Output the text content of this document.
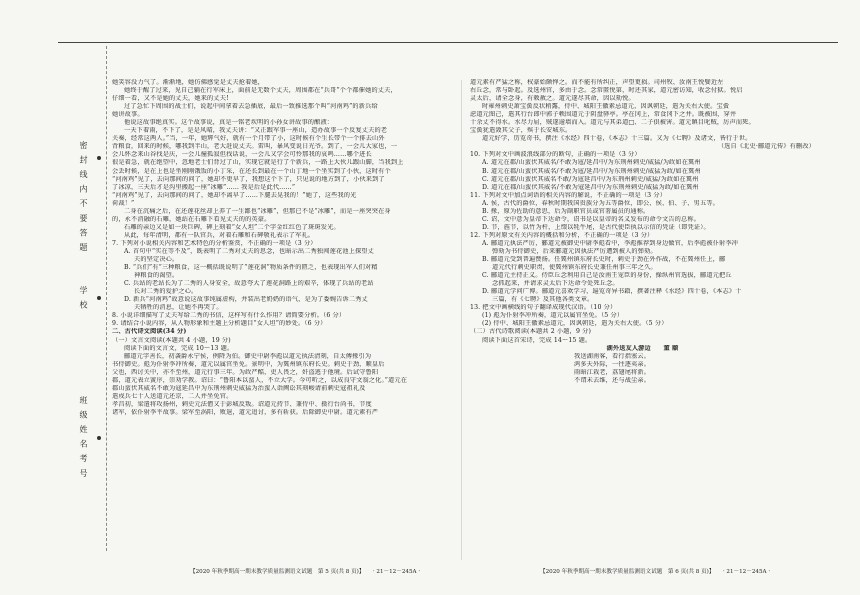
密 封 线 内 不 要 答 题
学 校
班 级 姓 名 考 号
她笑容没力气了。渐渐地，她仿佛感觉是丈夫抢着她，
她终于醒了过来，见自己躺在行军床上，面前是无数个丈夫，周围都在“兵哥”个个都催她的丈夫，
仔细一看，又不是她的丈夫，她来的丈夫!
过了急忙下周围的战士们，说起中间拿着去急插底，最后一致推选那个叫“河南鸡”的新兵给
她讲故事。
他说这故事绝真实。这个故事说，真是一铭老坎明的小孙女讲故事的酿液：
一天下着雨，不下了，是是风晴，我丈夫讲：“又正跟军事一座山，造办故事一个反复丈夫的老
关奏，经常这两人。”当，一年，她辉气好，就有一个月带了小，这时候有个生长带个一个排去山外
背粮食，回来的时候，哪我到半山，老大赶说丈夫。雷叫，暴风变说日光爷。到了，一会儿大家也，一
会儿怀念来山谷找是庆，一会儿撞孤寂但找话说，一会儿又学会可怜那我的哀鸣……哪个进长
很是着急，就在绝望中，忽地老士们背过了山，实现它就是行了个新兵，一路上大伙儿跟山脚，当我到上
会丢时候，是在上也是坐刚刚饿饭的小丁采，在还长到最在一个山丁地一个坐实到了小伙，这时有个
“河南鸡”见了，去向那间的问了，她却不更早了，我想这个下了，只见说的地方到了，小伙来到了
了冰凉，三天后才是沟里搬起一座“冰雕”…… 我是后是此代……”
“河南鸡”见了，去向那间的问了，她却不离早了……下腿去晃我的！”她了，这些我的光
荷裁！”
二身在沉痛之后，在还莲花丝却上养了一生鄙也“冰雕”，但那已不是“冰雕”，而是一座突突在身
的，永不消融的石雕，她站在石雕下看见丈夫的的英豪。
石雕的亲边又是如一块巨碑，碑上刻着“女人坦”二个字金红红色了斑斑发光。
从此，每年清明，都有一队官兵，对着石雕和石碑敬礼表示了军礼。
7. 下列对小说相关内容和艺术特色的分析鉴赏，不正确的一项是（3 分）
A. 首句中“实在等不及”，既表明了二秀对丈夫的思念，也暗示出二秀独闯莲花池上探望丈
夫的坚定决心。
B. “兵们”有“三种粮食，这一概括既说明了“莲花洞”物质条件的匮乏，也表现出军人们对精
神粮食的渴望。
C. 兵站的老站长为了二秀的人身安全，故意夸大了莲花洞路上的艰辛，体现了兵站的老站
长对二秀的爱护之心。
D. 新兵“河南鸡”故意说这故事纯属虚构，并装出老奶奶的语气，是为了委婉告诉二秀丈
夫牺牲的消息，让她不再哭了。
8. 小说详细描写了丈夫写给二秀的书信，这样写有什么作用？请简要分析。（6 分）
9. 请结合小说内容，从人物形象和主题上分析题目“女人坦”的妙处。（6 分）
二、古代诗文阅读(34 分)
（一）文言文阅读(本题共 4 小题，19 分)
阅读下面的文言文，完成 10～13 题。
郦道元字善长，初袭爵永宁侯，例降为伯。御史中尉李彪以道元执法清刻，自太傅掾引为
书侍御史。彪为仆射李冲所奏，道元以属官坐免。景明中，为冀州镇东府长史。刺史于劲，顺皇后
父也，西讨关中，亦不至州，道元行事三年。为政严酷，吏人畏之，奸盗逃于他境。后试守鲁阳
郡，道元表立黉序，崇劝学教。诏曰：“鲁阳本以蛮人，不立大学。今可听之，以成良守文翁之化。”道元在
郡山蛮伏其威名不敢为寇延昌中为东荆州刺史威猛为治蛮人诣阙讼其刻峻请前刺史寇祖礼及
遣戍兵七十人送道元还京，二人并坐免官。
孝昌初，梁遣将攻扬州，刺史元法僧又于彭城反叛。诏道元持节、兼侍中、摄行台尚书，节度
诸军，依仆射李平故事。梁军至涡阳，败退，道元追讨，多有斩获。后除御史中尉。道元素有严
道元素有严猛之称，权豪始颇惮之。而不能有所纠正，声望更损。司州牧、汝南王悦嬖近左
右丘念，常与卧起。及选州官，多由于念。念常匿悦第，时还其家，道元密访知，收念付狱。悦启
灵太后，请全念身，有敕赦之。道元遂尽其命，因以劾悦。
时雍州刺史萧宝夤反状稍露，侍中、城阳王徽素忌道元，因讽朝廷，遣为关右大使。宝夤
虑道元图己，遣其行台郎中郭子帙围道元于阴盘驿亭。亭在冈上，常食冈下之井。既被围，穿井
十余丈不得水。水尽力屈，贼遂逾墙而入。道元与其弟道□、二子俱被害。道元瞋目叱贼，厉声而死。
宝夤犹遣敛其父子，殡于长安城东。
道元好学，历览奇书，撰注《水经》四十卷，《本志》十三篇。又为《七聘》及诸文，皆行于世。
（选自《北史·郦道元传》有删改）
10. 下列对文中画波浪线部分的断句，正确的一项是（3 分）
A. 道元在郡/山蛮伏其威名/不敢为寇/延昌中/为东荆州刺史/威猛/为政如在冀州
B. 道元在郡/山蛮伏其威名/不敢为寇/延昌中/为东荆州刺史/威猛为政/如在冀州
C. 道元在郡/山蛮伏其威名不敢/为寇延昌中/为东荆州刺史/威猛/为政如在冀州
D. 道元在郡/山蛮伏其威名/不敢为寇延昌中/为东荆州刺史/威猛为政/如在冀州
11. 下列对文中加点词语的相关内容的解说，不正确的一项是（3 分）
A. 侯，古代的爵位，春秋时期我国贵族分为五等爵位，即公、侯、伯、子、男五等。
B. 掾，原为佐助的意思，后为副职官员或官署属员的通称。
C. 诏，文中意为皇帝下达命令，诏书是以皇帝的名义发布的命令文告的总称。
D. 节，旌节，以竹为杆，上缀以牦牛尾，是古代使臣执以示信的凭证（即凭证）。
12. 下列对原文有关内容的概括和分析，不正确的一项是（3 分）
A. 郦道元执法严厉，郦道元被御史中尉李彪看中，李彪推荐到身边做官，后李彪被仆射李冲
弹劾为书侍御史，后来郦道元因执法严厉遭到被人的弹劾。
B. 郦道元受到普遍赞扬。任冀州镇东府长史时，刺史于劲在外作战，不在冀州任上，郦
道元代行刺史职责，使冀州镇东府长史兼任州事三年之久。
C. 郦道元主持正义。侍臣丘念利用自己是汝南王宠臣的身份，操纵州官选拔，郦道元把丘
念抓起来，并请求灵太后下达命令处死丘念。
D. 郦道元学问广博。郦道元喜欢学习，遍览奇异书籍，撰著注释《水经》四十卷，《本志》十
三篇，有《七聘》及其他各类文章。
13. 把文中画横线的句子翻译成现代汉语。（10 分）
(1) 彪为仆射李冲所奏，道元以属官坐免。（5 分）
(2) 侍中、城阳王徽素忌道元，因讽朝廷，遣为关右大使。（5 分）
（二）古代诗歌阅读(本题共 2 小题，9 分)
阅读下面这首宋诗，完成 14～15 题。
湖外送友人游边　　董 颐
我送湖南客，看行指塞云。
鸿多天外际，一往逐夷亲。
雨暗江栽老，荔翅尾将新。
不谓未去维，还与战尘亲。
【2020 年秋季期高一期末教学质量监测语文试题　第 5 页(共 8 页)】　　· 21－12－245A ·	【2020 年秋季期高一期末教学质量监测语文试题　第 6 页(共 8 页)】　　· 21－12－245A ·
